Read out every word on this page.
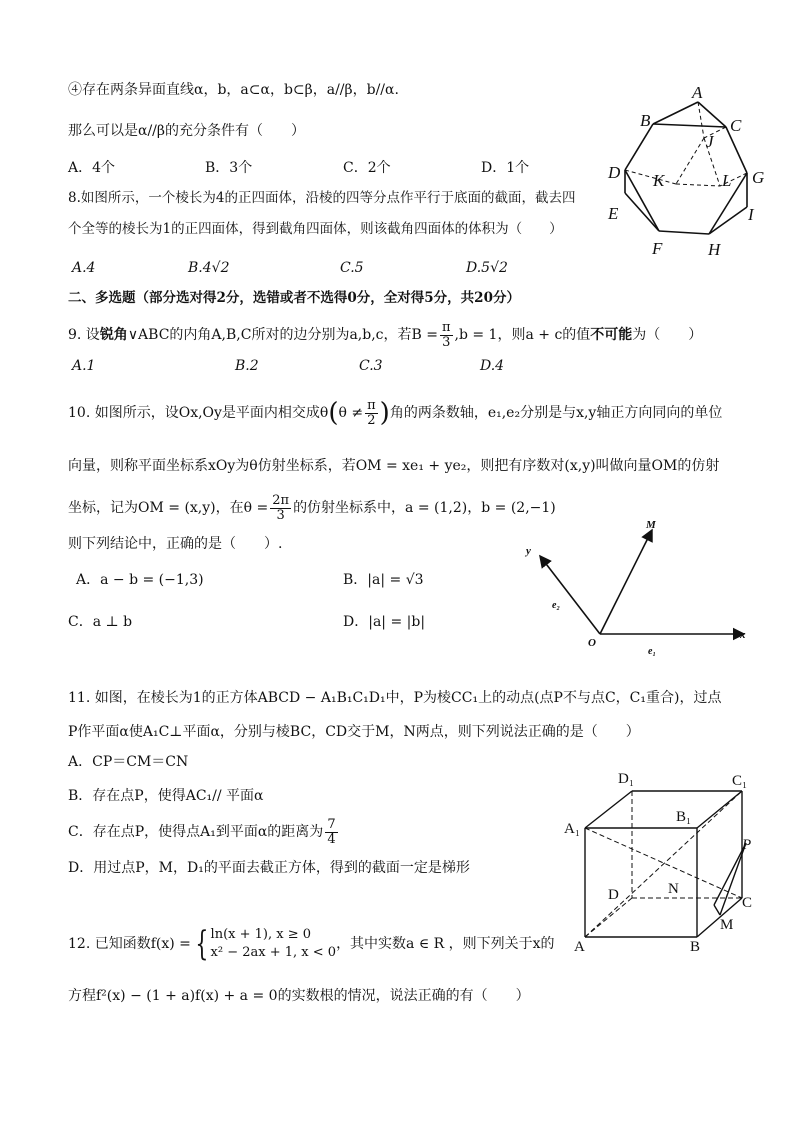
④存在两条异面直线α，b，a⊂α，b⊂β，a//β，b//α.
那么可以是α//β的充分条件有（　　）
A．4个	B．3个	C．2个	D．1个
8.如图所示，一个棱长为4的正四面体，沿棱的四等分点作平行于底面的截面，截去四
个全等的棱长为1的正四面体，得到截角四面体，则该截角四面体的体积为（　　）
A.4	B.4√2	C.5	D.5√2
A
B	C
J
D K	L G
E	I
F	H
二、多选题（部分选对得2分，选错或者不选得0分，全对得5分，共20分）
9. 设锐角∨ABC的内角A,B,C所对的边分别为a,b,c，若$B = \frac{\pi}{3} ,b = 1$，则a + c的值不可能为（　　）
A.1	B.2	C.3	D.4
10. 如图所示，设Ox,Oy是平面内相交成$\theta(\theta \ne \frac{\pi}{2}$ )角的两条数轴，e₁,e₂分别是与x,y轴正方向同向的单位
向量，则称平面坐标系xOy为θ仿射坐标系，若OM = xe₁ + ye₂，则把有序数对(x,y)叫做向量OM的仿射
坐标，记为OM = (x,y)，在$\theta = \frac{2\pi}{3}$ 的仿射坐标系中，a = (1,2)，b = (2,−1)
则下列结论中，正确的是（　　）.
A．a − b = (−1,3)	B．|a| = √3
C．a ⊥ b	D．|a| = |b|
y
M
e₂
O
e₁
x
11. 如图，在棱长为1的正方体ABCD − A₁B₁C₁D₁中，P为棱CC₁上的动点(点P不与点C，C₁重合)，过点
P作平面α使A₁C⊥平面α，分别与棱BC，CD交于M，N两点，则下列说法正确的是（　　）
A．CP＝CM＝CN
B．存在点P，使得AC₁// 平面α
C．存在点P，使得点A₁到平面α的距离为 $\frac{7}{4}$
D．用过点P，M，D₁的平面去截正方体，得到的截面一定是梯形
D₁	C₁
B₁
A₁
P
D	N
C
M
A	B
12. 已知函数f(x) = { ln(x + 1), x ≥ 0
x² − 2ax + 1, x < 0
，其中实数a ∈ R ，则下列关于x的
方程f²(x) − (1 + a)f(x) + a = 0的实数根的情况，说法正确的有（　　）
